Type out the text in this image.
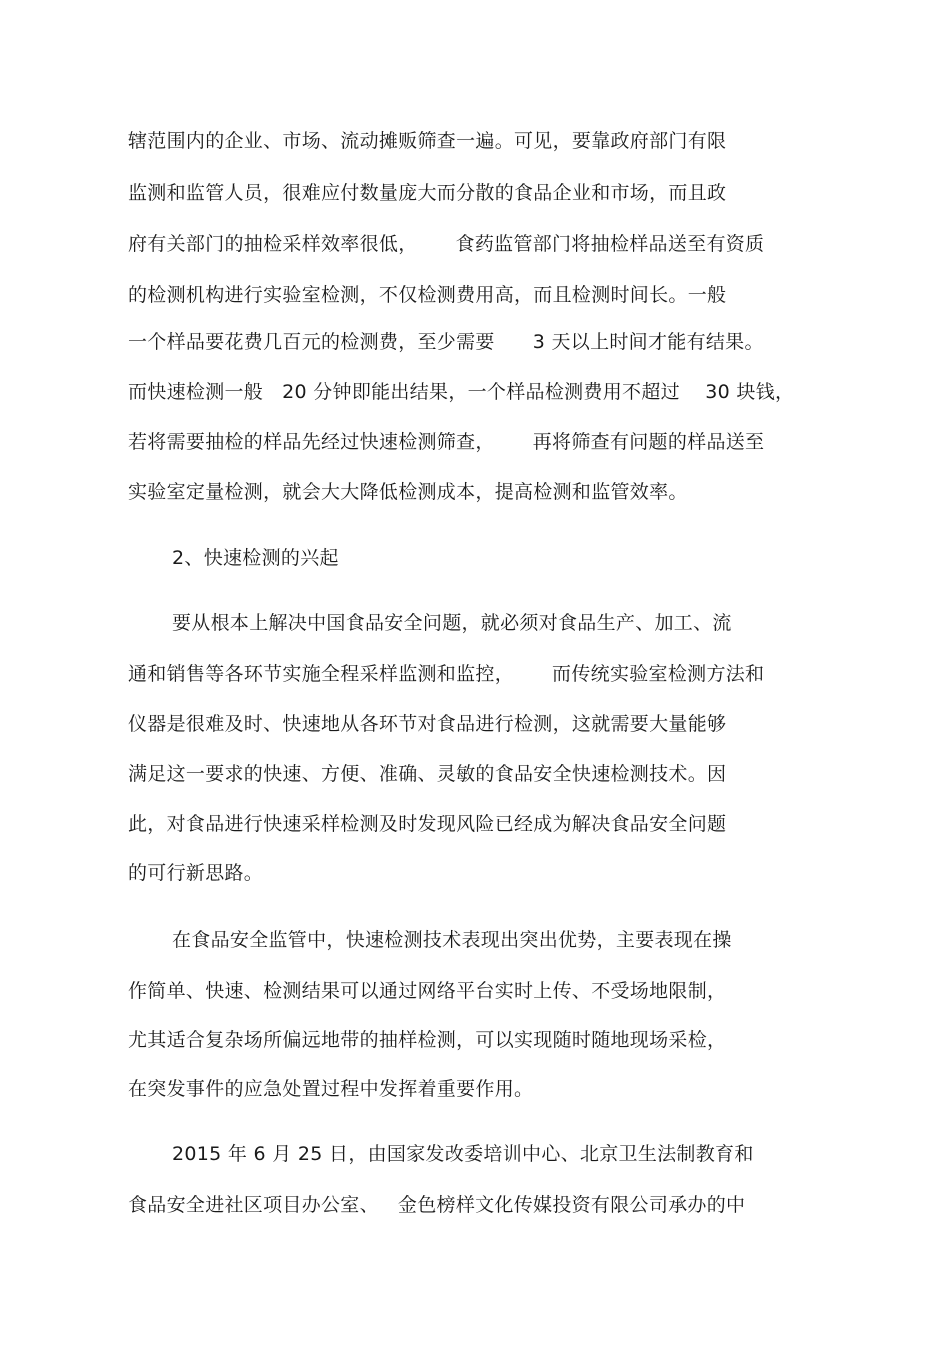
辖范围内的企业、市场、流动摊贩筛查一遍。可见，要靠政府部门有限
监测和监管人员，很难应付数量庞大而分散的食品企业和市场，而且政
府有关部门的抽检采样效率很低，      食药监管部门将抽检样品送至有资质
的检测机构进行实验室检测，不仅检测费用高，而且检测时间长。一般
一个样品要花费几百元的检测费，至少需要      3 天以上时间才能有结果。
而快速检测一般   20 分钟即能出结果，一个样品检测费用不超过    30 块钱，
若将需要抽检的样品先经过快速检测筛查，      再将筛查有问题的样品送至
实验室定量检测，就会大大降低检测成本，提高检测和监管效率。
2、快速检测的兴起
要从根本上解决中国食品安全问题，就必须对食品生产、加工、流
通和销售等各环节实施全程采样监测和监控，      而传统实验室检测方法和
仪器是很难及时、快速地从各环节对食品进行检测，这就需要大量能够
满足这一要求的快速、方便、准确、灵敏的食品安全快速检测技术。因
此，对食品进行快速采样检测及时发现风险已经成为解决食品安全问题
的可行新思路。
在食品安全监管中，快速检测技术表现出突出优势，主要表现在操
作简单、快速、检测结果可以通过网络平台实时上传、不受场地限制，
尤其适合复杂场所偏远地带的抽样检测，可以实现随时随地现场采检，
在突发事件的应急处置过程中发挥着重要作用。
2015 年 6 月 25 日，由国家发改委培训中心、北京卫生法制教育和
食品安全进社区项目办公室、   金色榜样文化传媒投资有限公司承办的中
